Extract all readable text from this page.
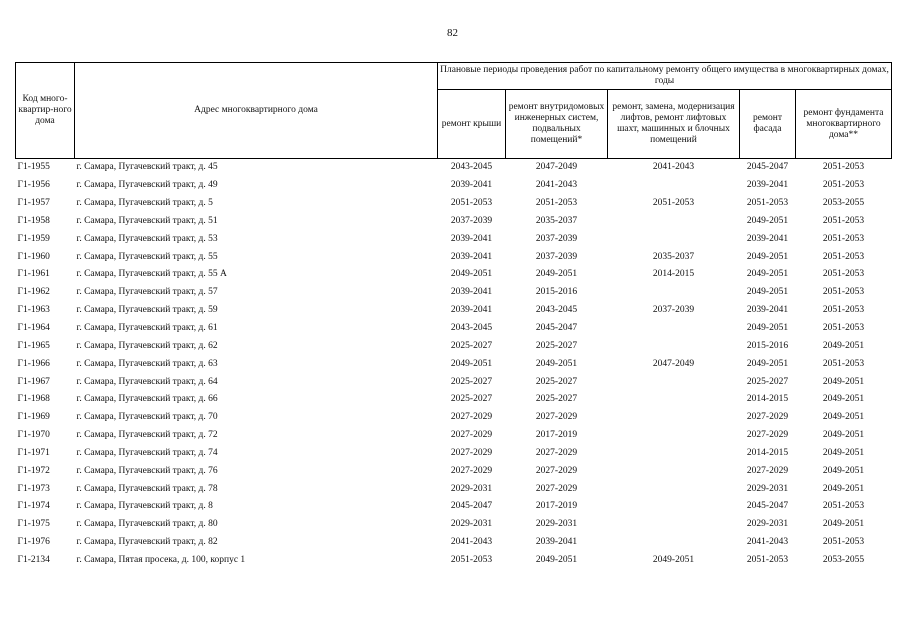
82
Код много-квартир-ного дома	Адрес многоквартирного дома	Плановые периоды проведения работ по капитальному ремонту общего имущества в многоквартирных домах, годы				
		ремонт крыши	ремонт внутридомовых инженерных систем, подвальных помещений*	ремонт, замена, модернизация лифтов, ремонт лифтовых шахт, машинных и блочных помещений	ремонт фасада	ремонт фундамента многоквартирного дома**
Г1-1955	г. Самара, Пугачевский тракт, д. 45	2043-2045	2047-2049	2041-2043	2045-2047	2051-2053
Г1-1956	г. Самара, Пугачевский тракт, д. 49	2039-2041	2041-2043		2039-2041	2051-2053
Г1-1957	г. Самара, Пугачевский тракт, д. 5	2051-2053	2051-2053	2051-2053	2051-2053	2053-2055
Г1-1958	г. Самара, Пугачевский тракт, д. 51	2037-2039	2035-2037		2049-2051	2051-2053
Г1-1959	г. Самара, Пугачевский тракт, д. 53	2039-2041	2037-2039		2039-2041	2051-2053
Г1-1960	г. Самара, Пугачевский тракт, д. 55	2039-2041	2037-2039	2035-2037	2049-2051	2051-2053
Г1-1961	г. Самара, Пугачевский тракт, д. 55 А	2049-2051	2049-2051	2014-2015	2049-2051	2051-2053
Г1-1962	г. Самара, Пугачевский тракт, д. 57	2039-2041	2015-2016		2049-2051	2051-2053
Г1-1963	г. Самара, Пугачевский тракт, д. 59	2039-2041	2043-2045	2037-2039	2039-2041	2051-2053
Г1-1964	г. Самара, Пугачевский тракт, д. 61	2043-2045	2045-2047		2049-2051	2051-2053
Г1-1965	г. Самара, Пугачевский тракт, д. 62	2025-2027	2025-2027		2015-2016	2049-2051
Г1-1966	г. Самара, Пугачевский тракт, д. 63	2049-2051	2049-2051	2047-2049	2049-2051	2051-2053
Г1-1967	г. Самара, Пугачевский тракт, д. 64	2025-2027	2025-2027		2025-2027	2049-2051
Г1-1968	г. Самара, Пугачевский тракт, д. 66	2025-2027	2025-2027		2014-2015	2049-2051
Г1-1969	г. Самара, Пугачевский тракт, д. 70	2027-2029	2027-2029		2027-2029	2049-2051
Г1-1970	г. Самара, Пугачевский тракт, д. 72	2027-2029	2017-2019		2027-2029	2049-2051
Г1-1971	г. Самара, Пугачевский тракт, д. 74	2027-2029	2027-2029		2014-2015	2049-2051
Г1-1972	г. Самара, Пугачевский тракт, д. 76	2027-2029	2027-2029		2027-2029	2049-2051
Г1-1973	г. Самара, Пугачевский тракт, д. 78	2029-2031	2027-2029		2029-2031	2049-2051
Г1-1974	г. Самара, Пугачевский тракт, д. 8	2045-2047	2017-2019		2045-2047	2051-2053
Г1-1975	г. Самара, Пугачевский тракт, д. 80	2029-2031	2029-2031		2029-2031	2049-2051
Г1-1976	г. Самара, Пугачевский тракт, д. 82	2041-2043	2039-2041		2041-2043	2051-2053
Г1-2134	г. Самара, Пятая просека, д. 100, корпус 1	2051-2053	2049-2051	2049-2051	2051-2053	2053-2055
